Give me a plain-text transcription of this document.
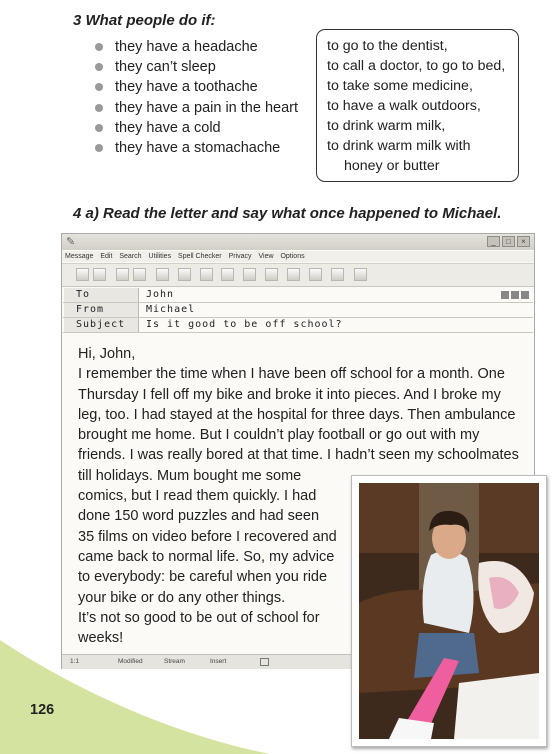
3 What people do if:
they have a headache
they can’t sleep
they have a toothache
they have a pain in the heart
they have a cold
they have a stomachache
to go to the dentist,
to call a doctor, to go to bed,
to take some medicine,
to have a walk outdoors,
to drink warm milk,
to drink warm milk with
honey or butter
4 a) Read the letter and say what once happened to Michael.
✎	_	□	×
Message Edit Search Utilities Spell Checker Privacy View Options
To	John
From	Michael
Subject	Is it good to be off school?
Hi, John,
I remember the time when I have been off school for a month. One
Thursday I fell off my bike and broke it into pieces. And I broke my
leg, too. I had stayed at the hospital for three days. Then ambulance
brought me home. But I couldn’t play football or go out with my
friends. I was really bored at that time. I hadn’t seen my schoolmates
till holidays. Mum bought me some
comics, but I read them quickly. I had
done 150 word puzzles and had seen
35 films on video before I recovered and
came back to normal life. So, my advice
to everybody: be careful when you ride
your bike or do any other things.
It’s not so good to be out of school for
weeks!
1:1	Modified	Stream	Insert
126
